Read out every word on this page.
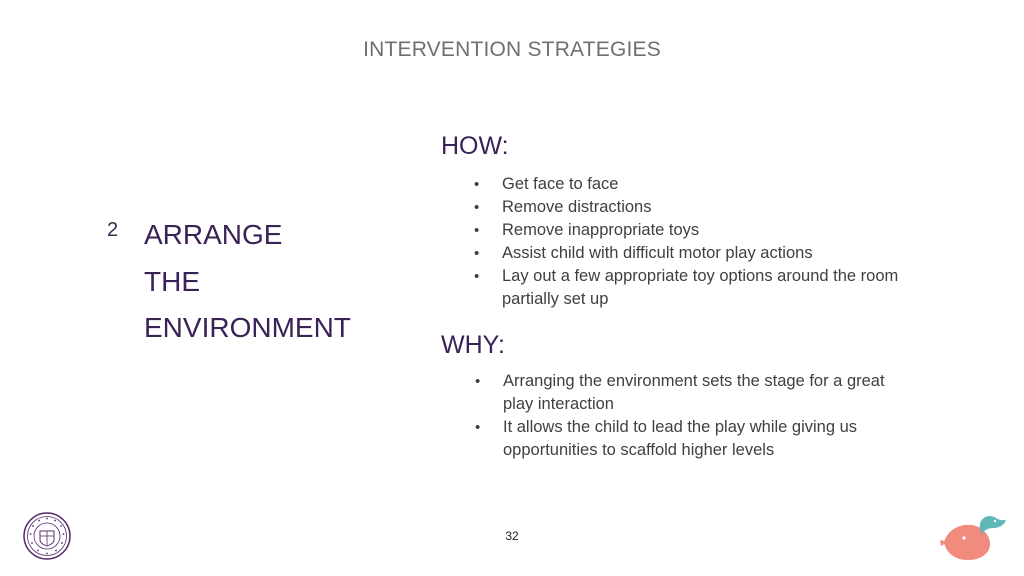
INTERVENTION STRATEGIES
2 ARRANGE
THE
ENVIRONMENT
HOW:
• Get face to face
• Remove distractions
• Remove inappropriate toys
• Assist child with difficult motor play actions
• Lay out a few appropriate toy options around the room partially set up
WHY:
• Arranging the environment sets the stage for a great play interaction
• It allows the child to lead the play while giving us opportunities to scaffold higher levels
32
